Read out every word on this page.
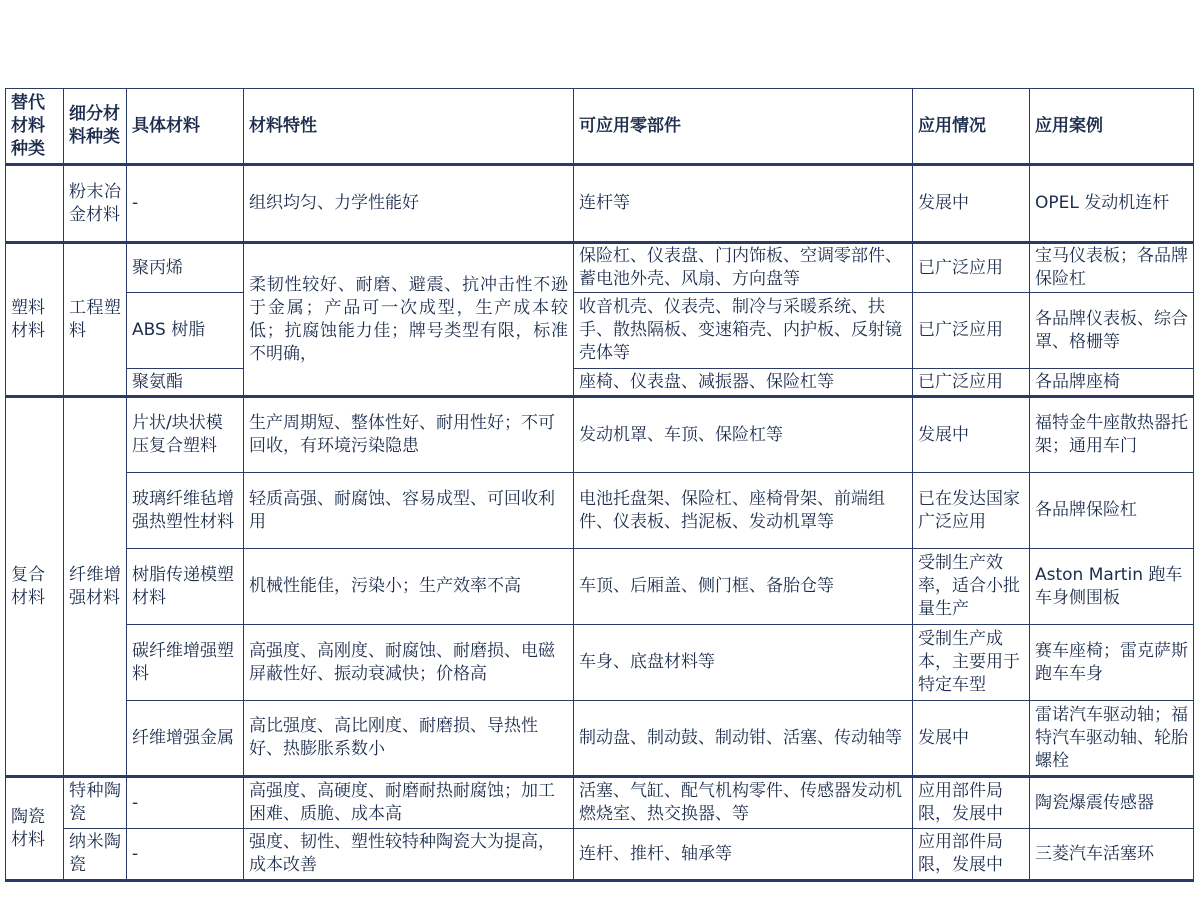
替代材料种类	细分材料种类	具体材料	材料特性	可应用零部件	应用情况	应用案例
	粉末冶金材料	-	组织均匀、力学性能好	连杆等	发展中	OPEL 发动机连杆
塑料材料	工程塑料	聚丙烯	柔韧性较好、耐磨、避震、抗冲击性不逊于金属；产品可一次成型，生产成本较低；抗腐蚀能力佳；牌号类型有限，标准不明确，	保险杠、仪表盘、门内饰板、空调零部件、蓄电池外壳、风扇、方向盘等	已广泛应用	宝马仪表板；各品牌保险杠
		ABS 树脂		收音机壳、仪表壳、制冷与采暖系统、扶手、散热隔板、变速箱壳、内护板、反射镜壳体等	已广泛应用	各品牌仪表板、综合罩、格栅等
		聚氨酯		座椅、仪表盘、减振器、保险杠等	已广泛应用	各品牌座椅
复合材料	纤维增强材料	片状/块状模压复合塑料	生产周期短、整体性好、耐用性好；不可回收，有环境污染隐患	发动机罩、车顶、保险杠等	发展中	福特金牛座散热器托架；通用车门
		玻璃纤维毡增强热塑性材料	轻质高强、耐腐蚀、容易成型、可回收利用	电池托盘架、保险杠、座椅骨架、前端组件、仪表板、挡泥板、发动机罩等	已在发达国家广泛应用	各品牌保险杠
		树脂传递模塑材料	机械性能佳，污染小；生产效率不高	车顶、后厢盖、侧门框、备胎仓等	受制生产效率，适合小批量生产	Aston Martin 跑车车身侧围板
		碳纤维增强塑料	高强度、高刚度、耐腐蚀、耐磨损、电磁屏蔽性好、振动衰减快；价格高	车身、底盘材料等	受制生产成本，主要用于特定车型	赛车座椅；雷克萨斯跑车车身
		纤维增强金属	高比强度、高比刚度、耐磨损、导热性好、热膨胀系数小	制动盘、制动鼓、制动钳、活塞、传动轴等	发展中	雷诺汽车驱动轴；福特汽车驱动轴、轮胎螺栓
陶瓷材料	特种陶瓷	-	高强度、高硬度、耐磨耐热耐腐蚀；加工困难、质脆、成本高	活塞、气缸、配气机构零件、传感器发动机燃烧室、热交换器、等	应用部件局限，发展中	陶瓷爆震传感器
	纳米陶瓷	-	强度、韧性、塑性较特种陶瓷大为提高，成本改善	连杆、推杆、轴承等	应用部件局限，发展中	三菱汽车活塞环
